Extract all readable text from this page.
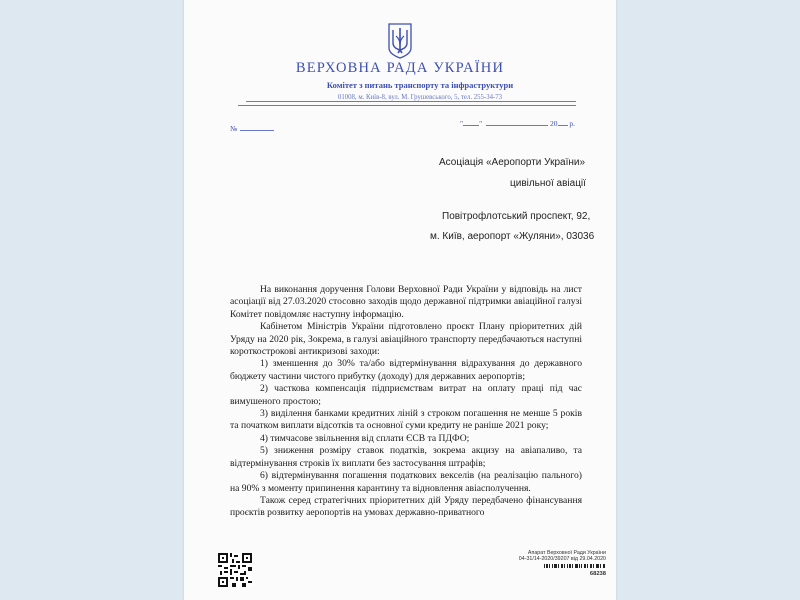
ВЕРХОВНА РАДА УКРАЇНИ
Комітет з питань транспорту та інфраструктури
01008, м. Київ-8, вул. М. Грушевського, 5, тел. 255-34-73
№
" "	20 р.
Асоціація «Аеропорти України»
цивільної авіації
Повітрофлотський проспект, 92,
м. Київ, аеропорт «Жуляни», 03036

На виконання доручення Голови Верховної Ради України у відповідь на лист асоціації від 27.03.2020 стосовно заходів щодо державної підтримки авіаційної галузі Комітет повідомляє наступну інформацію.

Кабінетом Міністрів України підготовлено проєкт Плану пріоритетних дій Уряду на 2020 рік, Зокрема, в галузі авіаційного транспорту передбачаються наступні короткострокові антикризові заходи:

1) зменшення до 30% та/або відтермінування відрахування до державного бюджету частини чистого прибутку (доходу) для державних аеропортів;

2) часткова компенсація підприємствам витрат на оплату праці під час вимушеного простою;

3) виділення банками кредитних ліній з строком погашення не менше 5 років та початком виплати відсотків та основної суми кредиту не раніше 2021 року;

4) тимчасове звільнення від сплати ЄСВ та ПДФО;

5) зниження розміру ставок податків, зокрема акцизу на авіапаливо, та відтермінування строків їх виплати без застосування штрафів;

6) відтермінування погашення податкових векселів (на реалізацію пального) на 90% з моменту припинення карантину та відновлення авіасполучення.

Також серед стратегічних пріоритетних дій Уряду передбачено фінансування проєктів розвитку аеропортів на умовах державно-приватного

Апарат Верховної Ради України
04-31/14-2020/39207 від 29.04.2020
68238
